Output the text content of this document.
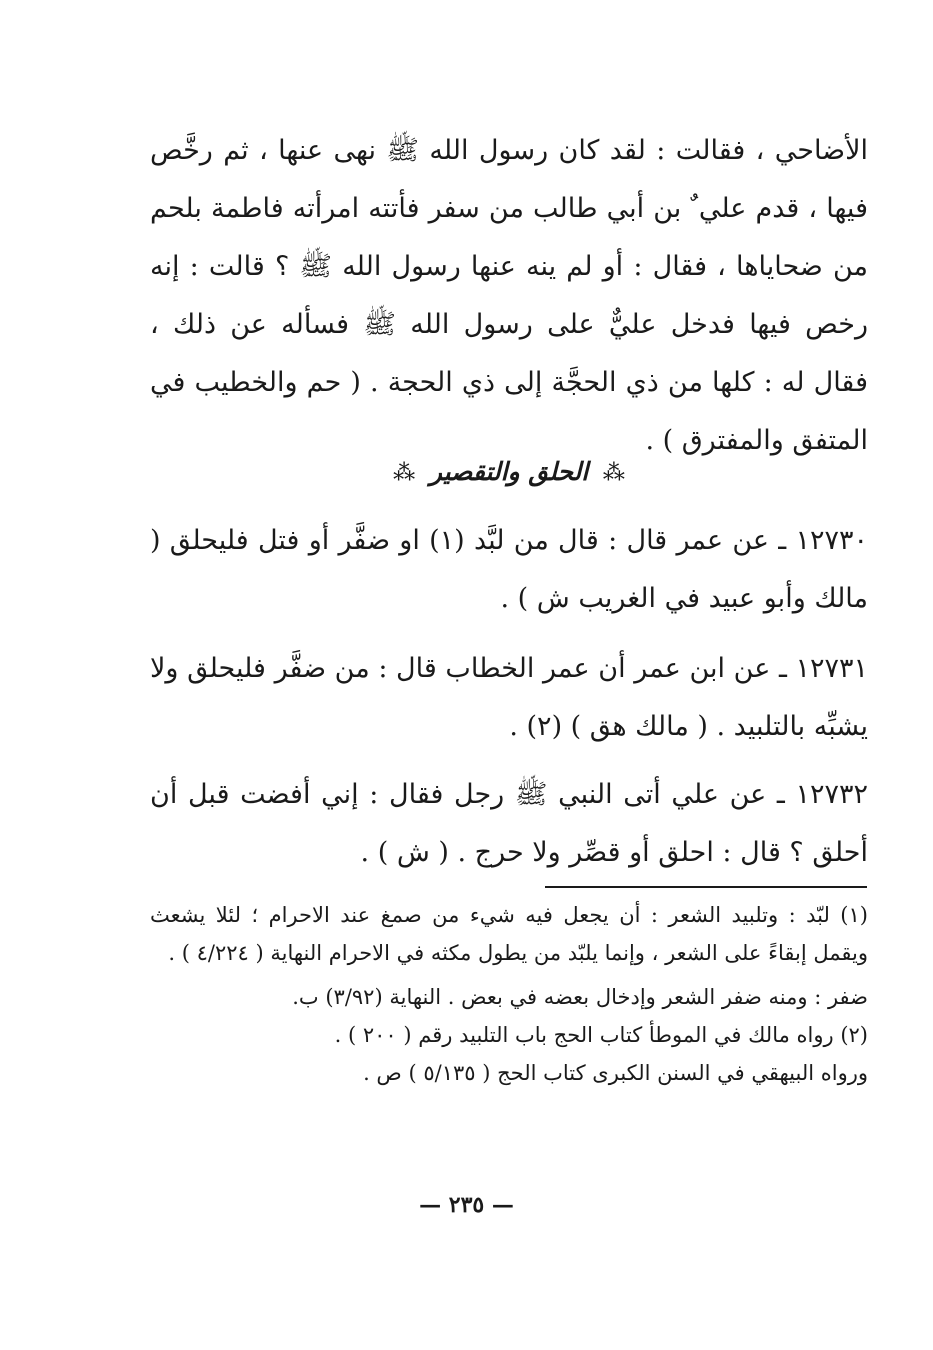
الأضاحي ، فقالت : لقد كان رسول الله ﷺ نهى عنها ، ثم رخَّص فيها ، قدم علي ٌ بن أبي طالب من سفر فأتته امرأته فاطمة بلحم من ضحاياها ، فقال : أو لم ينه عنها رسول الله ﷺ ؟ قالت : إنه رخص فيها فدخل عليٌّ على رسول الله ﷺ فسأله عن ذلك ، فقال له : كلها من ذي الحجَّة إلى ذي الحجة . ( حم والخطيب في المتفق والمفترق ) .

⁂ الحلق والتقصير ⁂

١٢٧٣٠ ـ عن عمر قال : قال من لبَّد (١) او ضفَّر أو فتل فليحلق ( مالك وأبو عبيد في الغريب ش ) .

١٢٧٣١ ـ عن ابن عمر أن عمر الخطاب قال : من ضفَّر فليحلق ولا يشبِّه بالتلبيد . ( مالك هق ) (٢) .

١٢٧٣٢ ـ عن علي أتى النبي ﷺ رجل فقال : إني أفضت قبل أن أحلق ؟ قال : احلق أو قصِّر ولا حرج . ( ش ) .

(١) لبّد : وتلبيد الشعر : أن يجعل فيه شيء من صمغ عند الاحرام ؛ لئلا يشعث ويقمل إبقاءً على الشعر ، وإنما يلبّد من يطول مكثه في الاحرام النهاية ( ٤/٢٢٤ ) .

ضفر : ومنه ضفر الشعر وإدخال بعضه في بعض . النهاية (٣/٩٢) ب.

(٢) رواه مالك في الموطأ كتاب الحج باب التلبيد رقم ( ٢٠٠ ) .

ورواه البيهقي في السنن الكبرى كتاب الحج ( ٥/١٣٥ ) ص .

— ٢٣٥ —
